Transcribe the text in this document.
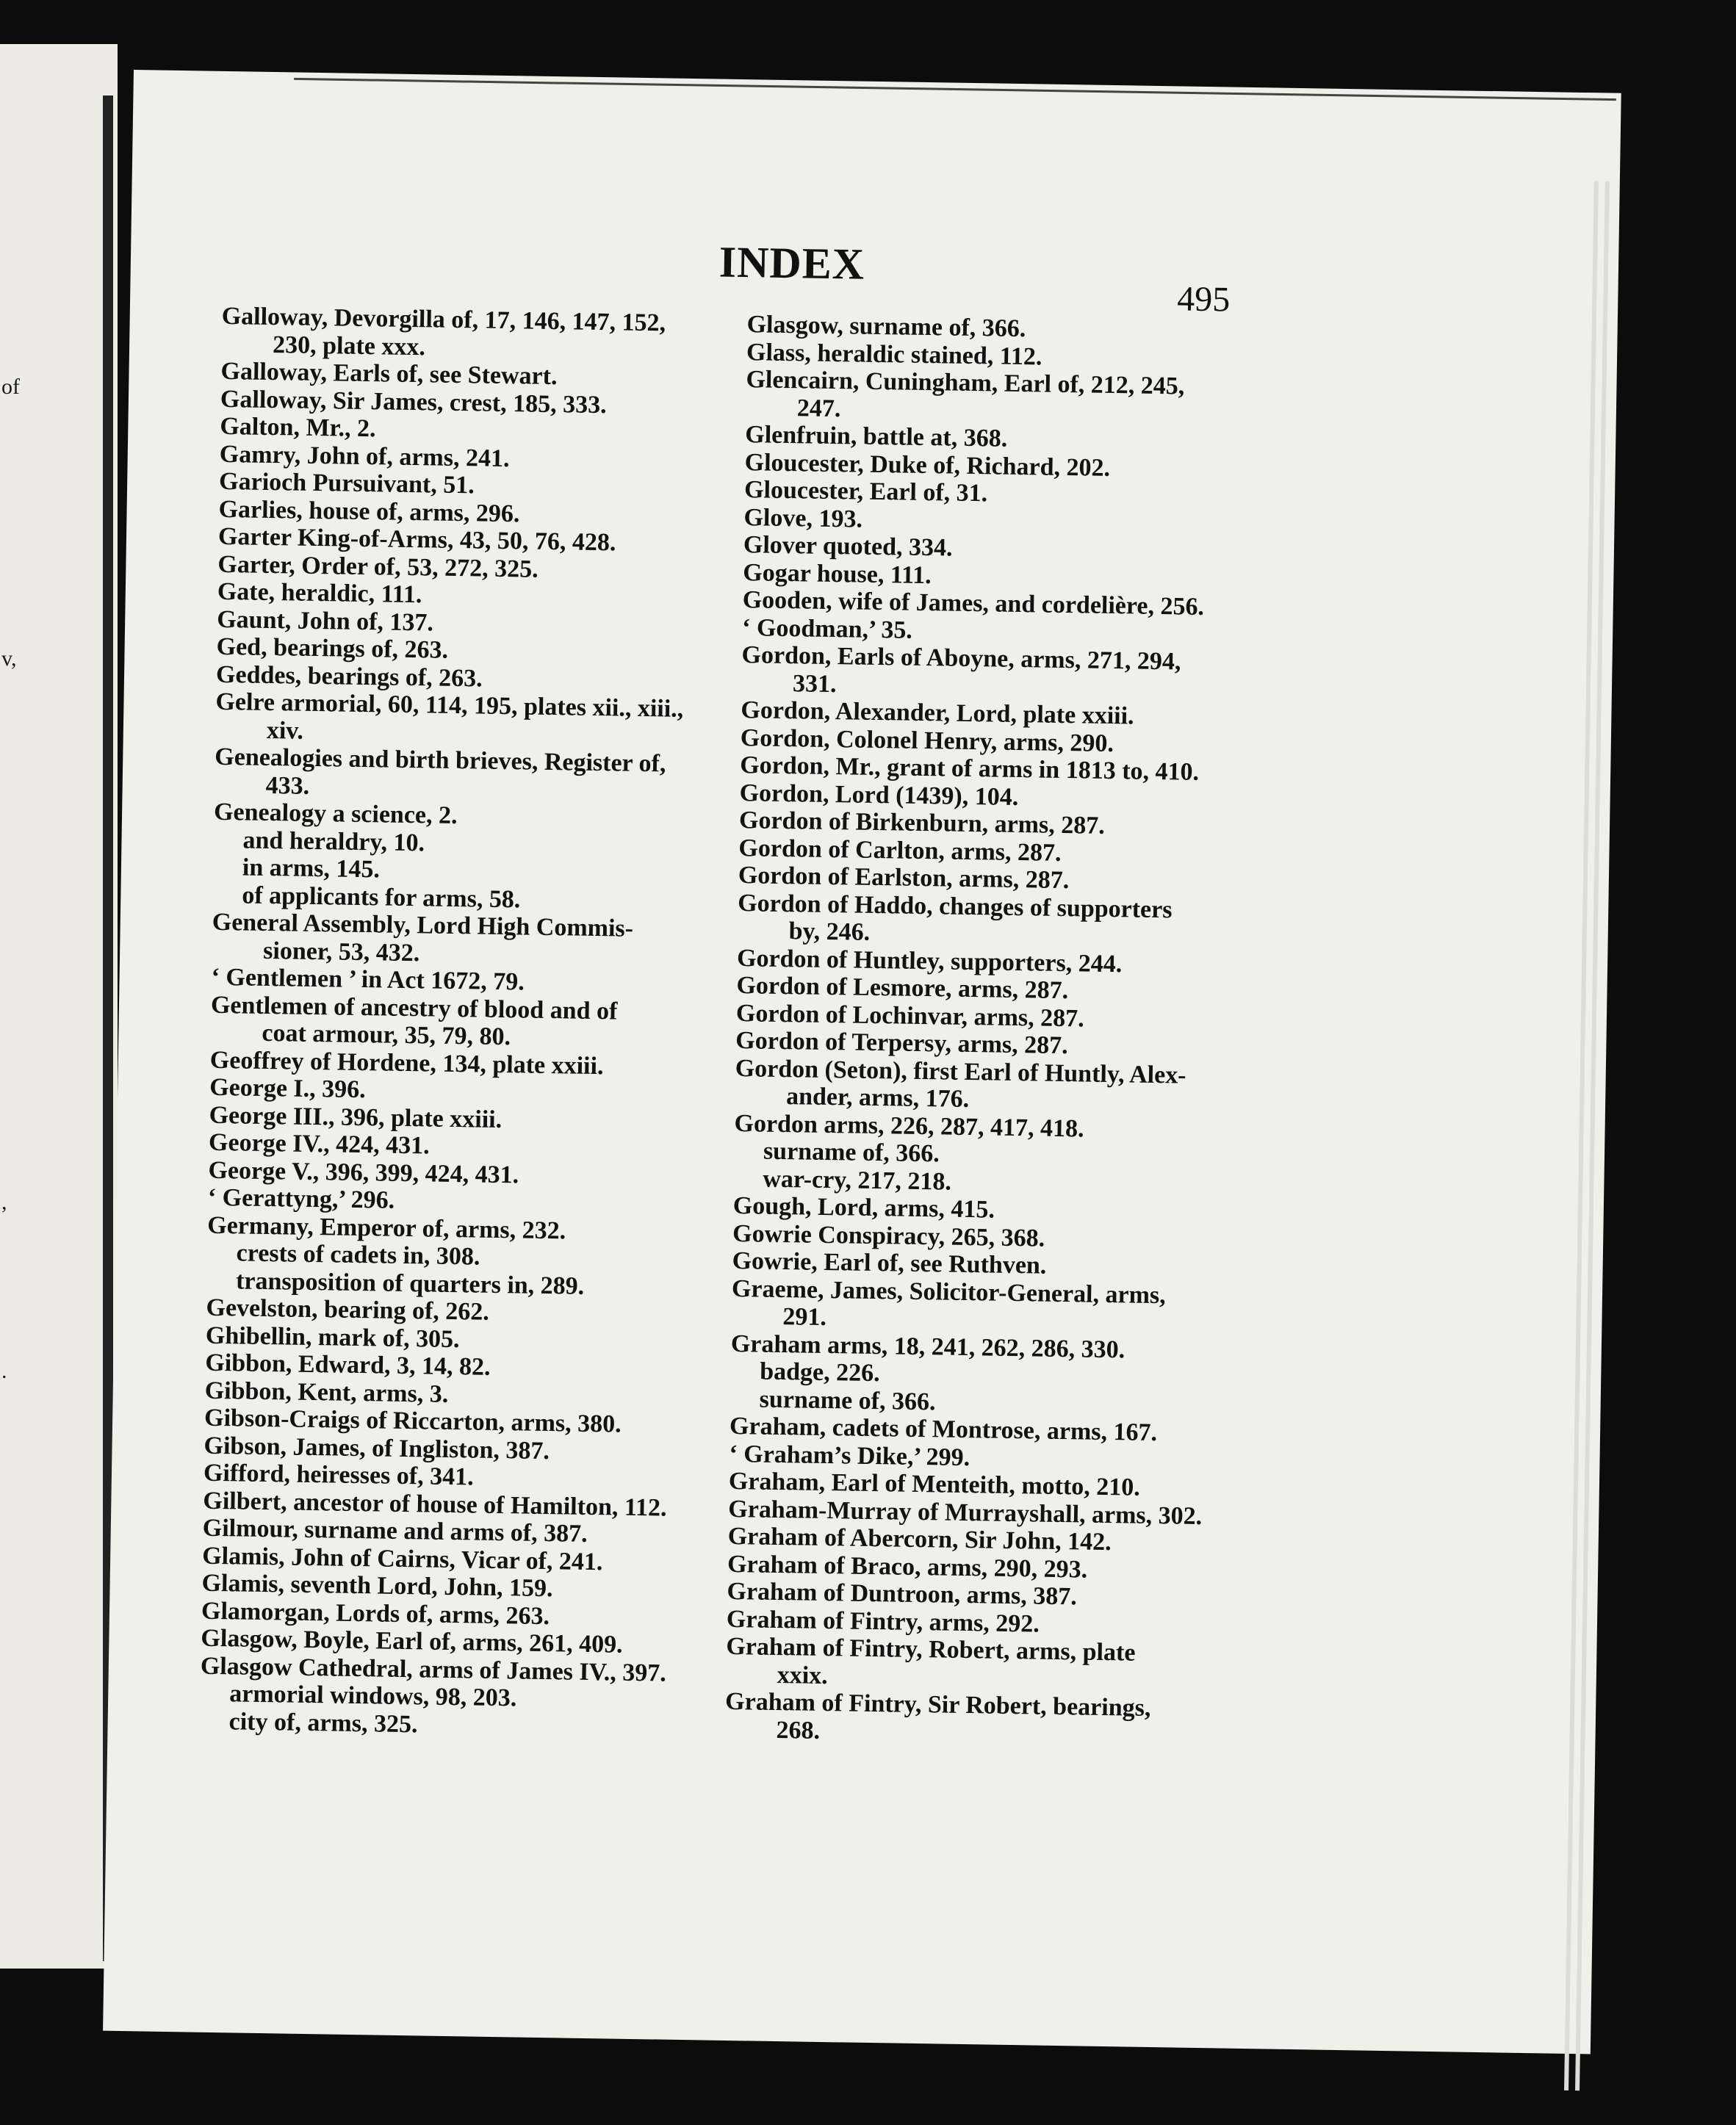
of
v,
,
.
INDEX
495
Galloway, Devorgilla of, 17, 146, 147, 152,
230, plate xxx.
Galloway, Earls of, see Stewart.
Galloway, Sir James, crest, 185, 333.
Galton, Mr., 2.
Gamry, John of, arms, 241.
Garioch Pursuivant, 51.
Garlies, house of, arms, 296.
Garter King-of-Arms, 43, 50, 76, 428.
Garter, Order of, 53, 272, 325.
Gate, heraldic, 111.
Gaunt, John of, 137.
Ged, bearings of, 263.
Geddes, bearings of, 263.
Gelre armorial, 60, 114, 195, plates xii., xiii.,
xiv.
Genealogies and birth brieves, Register of,
433.
Genealogy a science, 2.
and heraldry, 10.
in arms, 145.
of applicants for arms, 58.
General Assembly, Lord High Commis-
sioner, 53, 432.
‘ Gentlemen ’ in Act 1672, 79.
Gentlemen of ancestry of blood and of
coat armour, 35, 79, 80.
Geoffrey of Hordene, 134, plate xxiii.
George I., 396.
George III., 396, plate xxiii.
George IV., 424, 431.
George V., 396, 399, 424, 431.
‘ Gerattyng,’ 296.
Germany, Emperor of, arms, 232.
crests of cadets in, 308.
transposition of quarters in, 289.
Gevelston, bearing of, 262.
Ghibellin, mark of, 305.
Gibbon, Edward, 3, 14, 82.
Gibbon, Kent, arms, 3.
Gibson-Craigs of Riccarton, arms, 380.
Gibson, James, of Ingliston, 387.
Gifford, heiresses of, 341.
Gilbert, ancestor of house of Hamilton, 112.
Gilmour, surname and arms of, 387.
Glamis, John of Cairns, Vicar of, 241.
Glamis, seventh Lord, John, 159.
Glamorgan, Lords of, arms, 263.
Glasgow, Boyle, Earl of, arms, 261, 409.
Glasgow Cathedral, arms of James IV., 397.
armorial windows, 98, 203.
city of, arms, 325.
Glasgow, surname of, 366.
Glass, heraldic stained, 112.
Glencairn, Cuningham, Earl of, 212, 245,
247.
Glenfruin, battle at, 368.
Gloucester, Duke of, Richard, 202.
Gloucester, Earl of, 31.
Glove, 193.
Glover quoted, 334.
Gogar house, 111.
Gooden, wife of James, and cordelière, 256.
‘ Goodman,’ 35.
Gordon, Earls of Aboyne, arms, 271, 294,
331.
Gordon, Alexander, Lord, plate xxiii.
Gordon, Colonel Henry, arms, 290.
Gordon, Mr., grant of arms in 1813 to, 410.
Gordon, Lord (1439), 104.
Gordon of Birkenburn, arms, 287.
Gordon of Carlton, arms, 287.
Gordon of Earlston, arms, 287.
Gordon of Haddo, changes of supporters
by, 246.
Gordon of Huntley, supporters, 244.
Gordon of Lesmore, arms, 287.
Gordon of Lochinvar, arms, 287.
Gordon of Terpersy, arms, 287.
Gordon (Seton), first Earl of Huntly, Alex-
ander, arms, 176.
Gordon arms, 226, 287, 417, 418.
surname of, 366.
war-cry, 217, 218.
Gough, Lord, arms, 415.
Gowrie Conspiracy, 265, 368.
Gowrie, Earl of, see Ruthven.
Graeme, James, Solicitor-General, arms,
291.
Graham arms, 18, 241, 262, 286, 330.
badge, 226.
surname of, 366.
Graham, cadets of Montrose, arms, 167.
‘ Graham’s Dike,’ 299.
Graham, Earl of Menteith, motto, 210.
Graham-Murray of Murrayshall, arms, 302.
Graham of Abercorn, Sir John, 142.
Graham of Braco, arms, 290, 293.
Graham of Duntroon, arms, 387.
Graham of Fintry, arms, 292.
Graham of Fintry, Robert, arms, plate
xxix.
Graham of Fintry, Sir Robert, bearings,
268.
